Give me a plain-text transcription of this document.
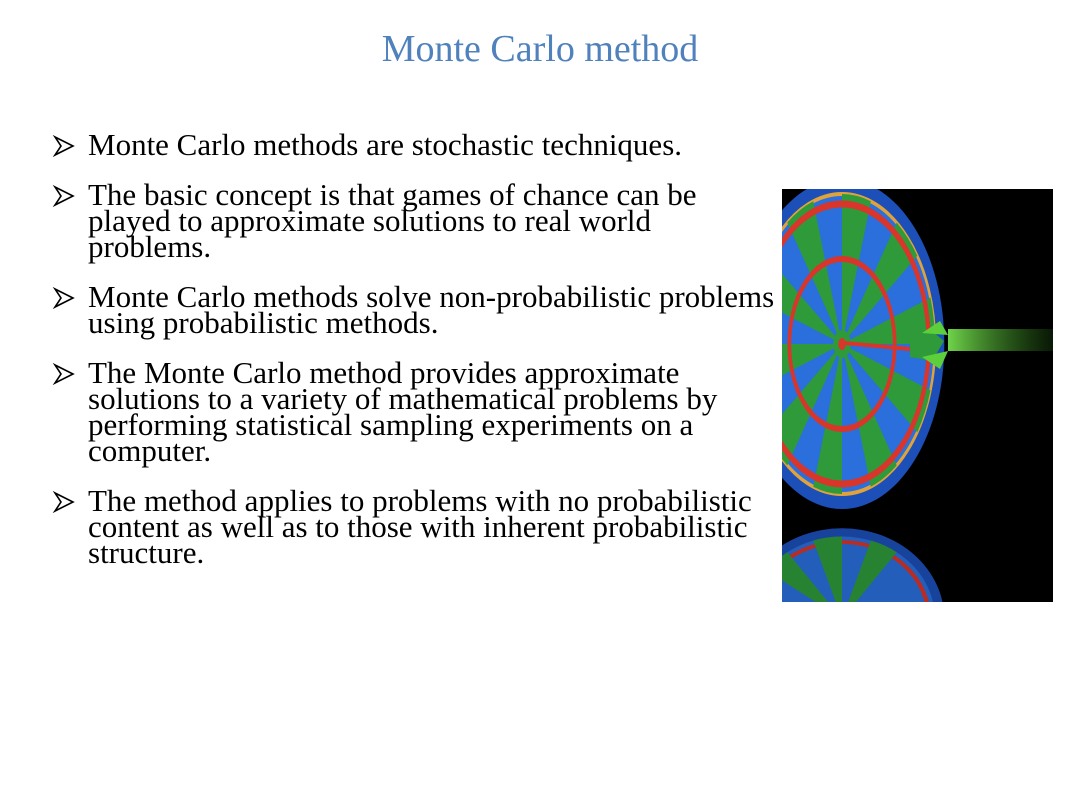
Monte Carlo method
Monte Carlo methods are stochastic techniques.
The basic concept is that games of chance can be played to approximate solutions to real world problems.
Monte Carlo methods solve non-probabilistic problems using probabilistic methods.
The Monte Carlo method provides approximate solutions to a variety of mathematical problems by performing statistical sampling experiments on a computer.
The method applies to problems with no probabilistic content as well as to those with inherent probabilistic structure.
